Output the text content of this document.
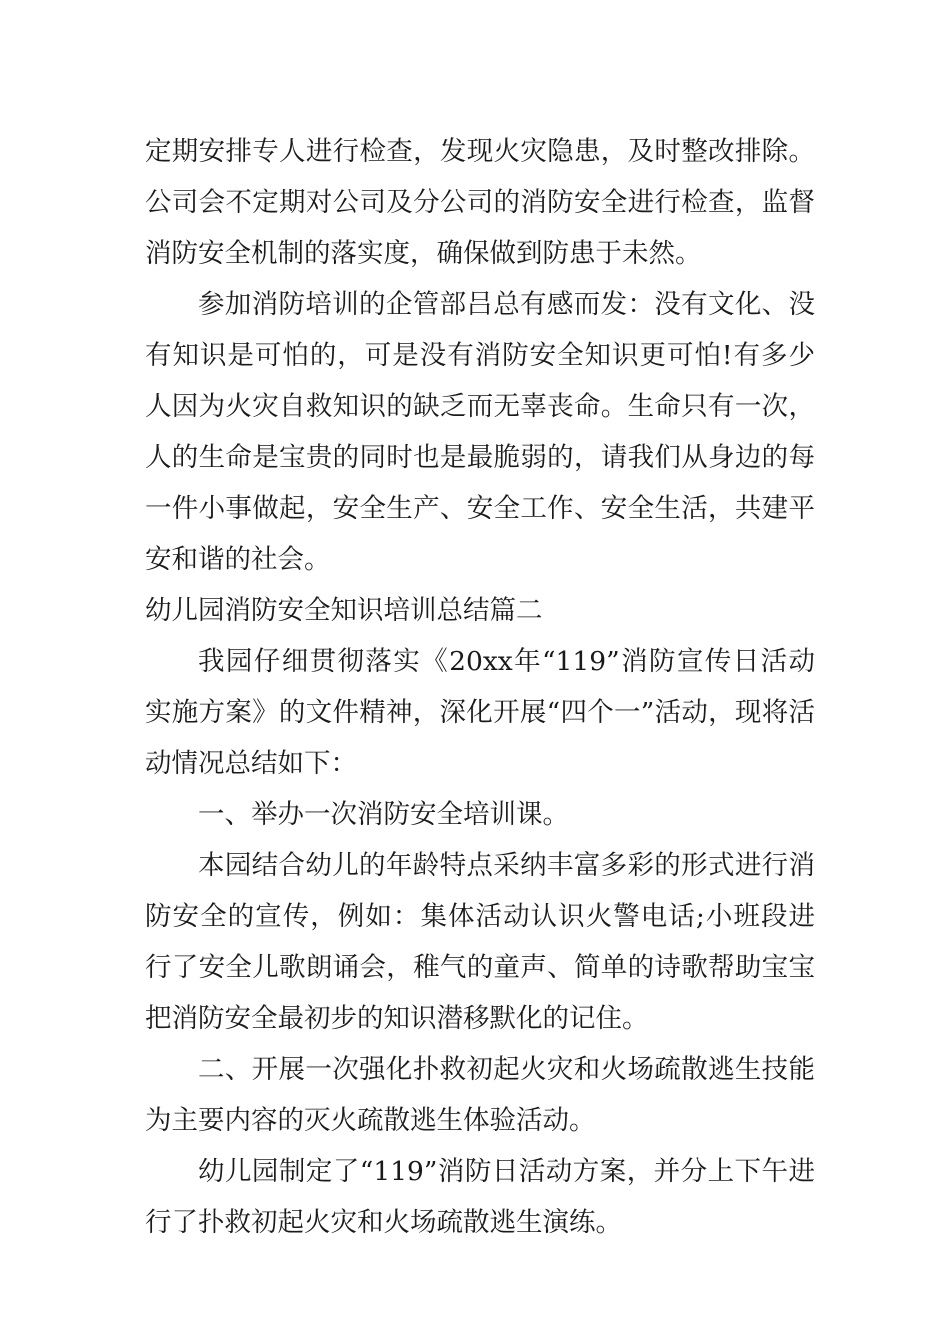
定期安排专人进行检查，发现火灾隐患，及时整改排除。公司会不定期对公司及分公司的消防安全进行检查，监督消防安全机制的落实度，确保做到防患于未然。

参加消防培训的企管部吕总有感而发：没有文化、没有知识是可怕的，可是没有消防安全知识更可怕!有多少人因为火灾自救知识的缺乏而无辜丧命。生命只有一次，人的生命是宝贵的同时也是最脆弱的，请我们从身边的每一件小事做起，安全生产、安全工作、安全生活，共建平安和谐的社会。

幼儿园消防安全知识培训总结篇二

我园仔细贯彻落实《20xx年“119”消防宣传日活动实施方案》的文件精神，深化开展“四个一”活动，现将活动情况总结如下：

一、举办一次消防安全培训课。

本园结合幼儿的年龄特点采纳丰富多彩的形式进行消防安全的宣传，例如：集体活动认识火警电话;小班段进行了安全儿歌朗诵会，稚气的童声、简单的诗歌帮助宝宝把消防安全最初步的知识潜移默化的记住。

二、开展一次强化扑救初起火灾和火场疏散逃生技能为主要内容的灭火疏散逃生体验活动。

幼儿园制定了“119”消防日活动方案，并分上下午进行了扑救初起火灾和火场疏散逃生演练。
